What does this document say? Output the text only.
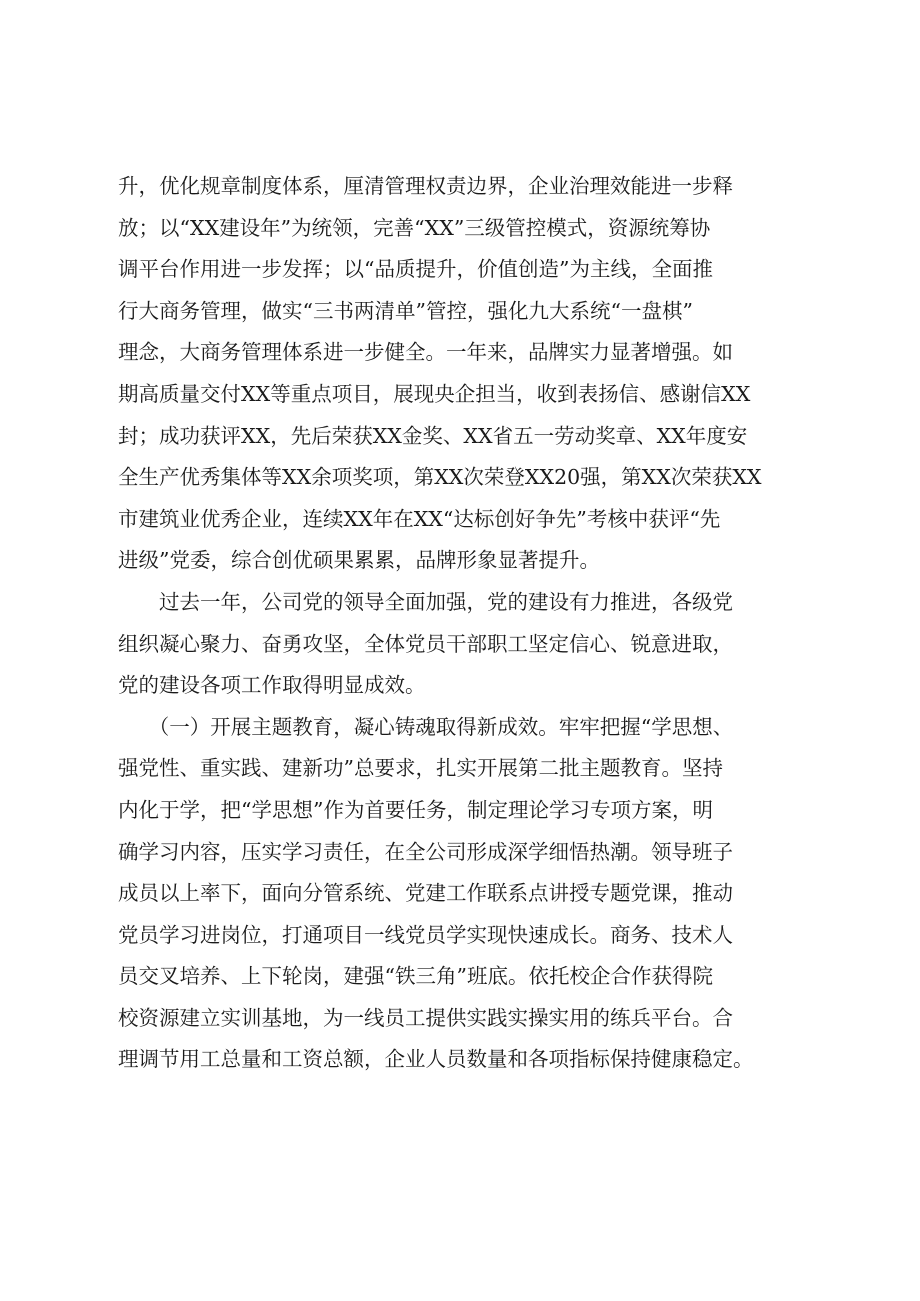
升，优化规章制度体系，厘清管理权责边界，企业治理效能进一步释
放；以“XX建设年”为统领，完善“XX”三级管控模式，资源统筹协
调平台作用进一步发挥；以“品质提升，价值创造”为主线，全面推
行大商务管理，做实“三书两清单”管控，强化九大系统“一盘棋”
理念，大商务管理体系进一步健全。一年来，品牌实力显著增强。如
期高质量交付XX等重点项目，展现央企担当，收到表扬信、感谢信XX
封；成功获评XX，先后荣获XX金奖、XX省五一劳动奖章、XX年度安
全生产优秀集体等XX余项奖项，第XX次荣登XX20强，第XX次荣获XX
市建筑业优秀企业，连续XX年在XX“达标创好争先”考核中获评“先
进级”党委，综合创优硕果累累，品牌形象显著提升。
　　过去一年，公司党的领导全面加强，党的建设有力推进，各级党
组织凝心聚力、奋勇攻坚，全体党员干部职工坚定信心、锐意进取，
党的建设各项工作取得明显成效。
　　（一）开展主题教育，凝心铸魂取得新成效。牢牢把握“学思想、
强党性、重实践、建新功”总要求，扎实开展第二批主题教育。坚持
内化于学，把“学思想”作为首要任务，制定理论学习专项方案，明
确学习内容，压实学习责任，在全公司形成深学细悟热潮。领导班子
成员以上率下，面向分管系统、党建工作联系点讲授专题党课，推动
党员学习进岗位，打通项目一线党员学实现快速成长。商务、技术人
员交叉培养、上下轮岗，建强“铁三角”班底。依托校企合作获得院
校资源建立实训基地，为一线员工提供实践实操实用的练兵平台。合
理调节用工总量和工资总额，企业人员数量和各项指标保持健康稳定。
